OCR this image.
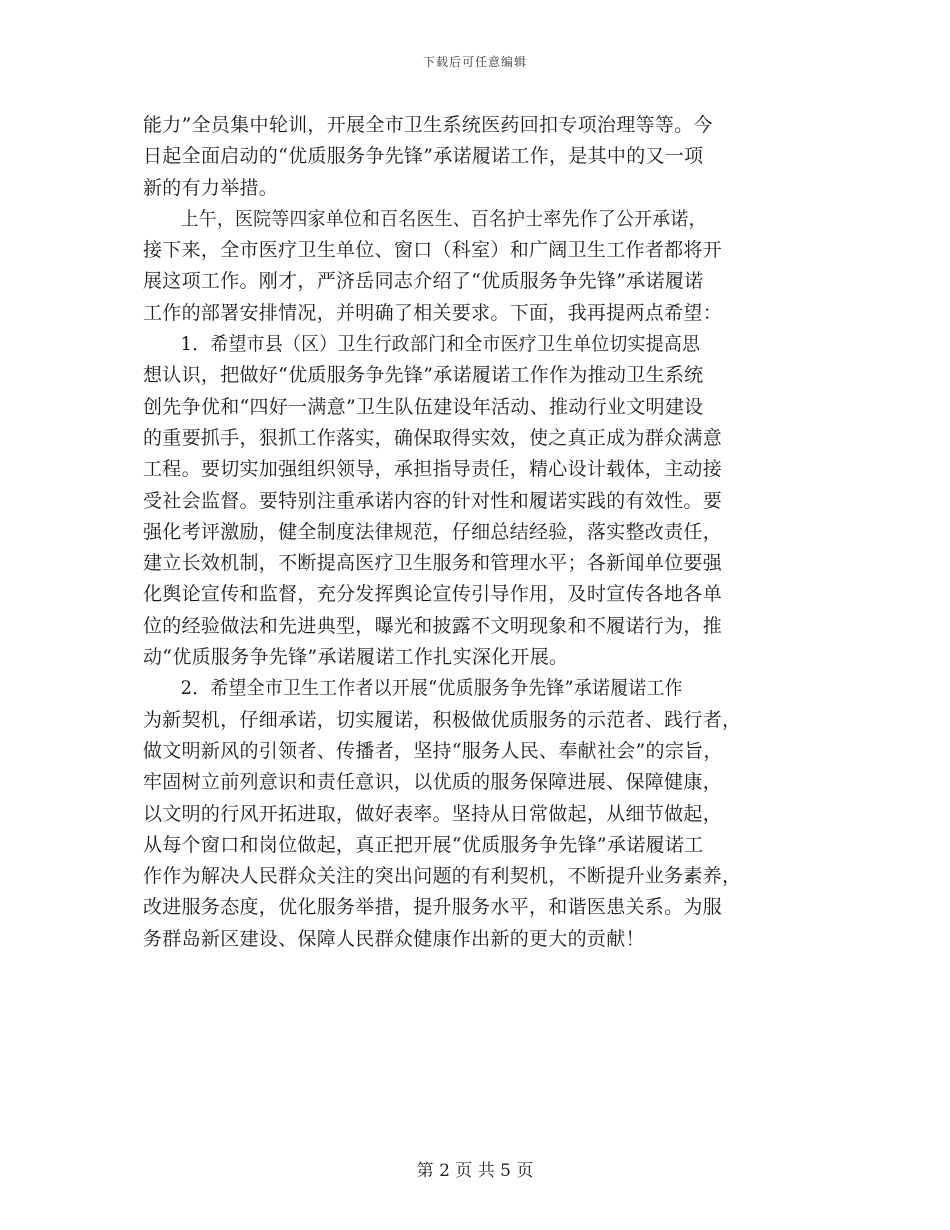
下载后可任意编辑
能力”全员集中轮训，开展全市卫生系统医药回扣专项治理等等。今
日起全面启动的“优质服务争先锋”承诺履诺工作，是其中的又一项
新的有力举措。
上午，医院等四家单位和百名医生、百名护士率先作了公开承诺，
接下来，全市医疗卫生单位、窗口（科室）和广阔卫生工作者都将开
展这项工作。刚才，严济岳同志介绍了“优质服务争先锋”承诺履诺
工作的部署安排情况，并明确了相关要求。下面，我再提两点希望：
1．希望市县（区）卫生行政部门和全市医疗卫生单位切实提高思
想认识，把做好“优质服务争先锋”承诺履诺工作作为推动卫生系统
创先争优和“四好一满意”卫生队伍建设年活动、推动行业文明建设
的重要抓手，狠抓工作落实，确保取得实效，使之真正成为群众满意
工程。要切实加强组织领导，承担指导责任，精心设计载体，主动接
受社会监督。要特别注重承诺内容的针对性和履诺实践的有效性。要
强化考评激励，健全制度法律规范，仔细总结经验，落实整改责任，
建立长效机制，不断提高医疗卫生服务和管理水平；各新闻单位要强
化舆论宣传和监督，充分发挥舆论宣传引导作用，及时宣传各地各单
位的经验做法和先进典型，曝光和披露不文明现象和不履诺行为，推
动“优质服务争先锋”承诺履诺工作扎实深化开展。
2．希望全市卫生工作者以开展“优质服务争先锋”承诺履诺工作
为新契机，仔细承诺，切实履诺，积极做优质服务的示范者、践行者，
做文明新风的引领者、传播者，坚持“服务人民、奉献社会”的宗旨，
牢固树立前列意识和责任意识，以优质的服务保障进展、保障健康，
以文明的行风开拓进取，做好表率。坚持从日常做起，从细节做起，
从每个窗口和岗位做起，真正把开展“优质服务争先锋”承诺履诺工
作作为解决人民群众关注的突出问题的有利契机，不断提升业务素养，
改进服务态度，优化服务举措，提升服务水平，和谐医患关系。为服
务群岛新区建设、保障人民群众健康作出新的更大的贡献！
第 2 页 共 5 页
